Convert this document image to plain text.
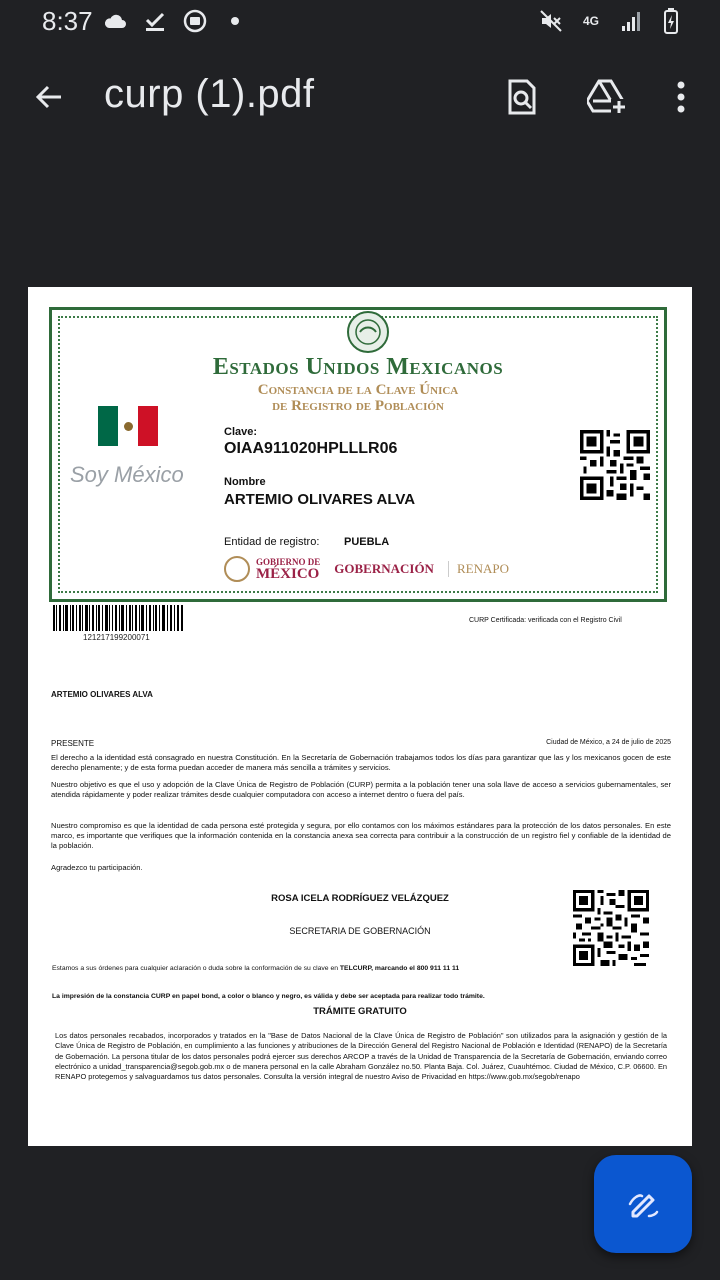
8:37	4G
curp (1).pdf
Estados Unidos Mexicanos
Constancia de la Clave Única
de Registro de Población
Soy México
Clave:
OIAA911020HPLLLR06
Nombre
ARTEMIO OLIVARES ALVA
Entidad de registro: PUEBLA
GOBIERNO DE
MÉXICO GOBERNACIÓN	RENAPO
121217199200071
CURP Certificada: verificada con el Registro Civil
ARTEMIO OLIVARES ALVA
PRESENTE	Ciudad de México, a 24 de julio de 2025
El derecho a la identidad está consagrado en nuestra Constitución. En la Secretaría de Gobernación trabajamos todos los días para garantizar que las y los mexicanos gocen de este derecho plenamente; y de esta forma puedan acceder de manera más sencilla a trámites y servicios.
Nuestro objetivo es que el uso y adopción de la Clave Única de Registro de Población (CURP) permita a la población tener una sola llave de acceso a servicios gubernamentales, ser atendida rápidamente y poder realizar trámites desde cualquier computadora con acceso a internet dentro o fuera del país.
Nuestro compromiso es que la identidad de cada persona esté protegida y segura, por ello contamos con los máximos estándares para la protección de los datos personales. En este marco, es importante que verifiques que la información contenida en la constancia anexa sea correcta para contribuir a la construcción de un registro fiel y confiable de la identidad de la población.
Agradezco tu participación.
ROSA ICELA RODRÍGUEZ VELÁZQUEZ
SECRETARIA DE GOBERNACIÓN
Estamos a sus órdenes para cualquier aclaración o duda sobre la conformación de su clave en TELCURP, marcando el 800 911 11 11
La impresión de la constancia CURP en papel bond, a color o blanco y negro, es válida y debe ser aceptada para realizar todo trámite.
TRÁMITE GRATUITO
Los datos personales recabados, incorporados y tratados en la "Base de Datos Nacional de la Clave Única de Registro de Población" son utilizados para la asignación y gestión de la Clave Única de Registro de Población, en cumplimiento a las funciones y atribuciones de la Dirección General del Registro Nacional de Población e Identidad (RENAPO) de la Secretaría de Gobernación. La persona titular de los datos personales podrá ejercer sus derechos ARCOP a través de la Unidad de Transparencia de la Secretaría de Gobernación, enviando correo electrónico a unidad_transparencia@segob.gob.mx o de manera personal en la calle Abraham González no.50. Planta Baja. Col. Juárez, Cuauhtémoc. Ciudad de México, C.P. 06600. En RENAPO protegemos y salvaguardamos tus datos personales. Consulta la versión integral de nuestro Aviso de Privacidad en https://www.gob.mx/segob/renapo
